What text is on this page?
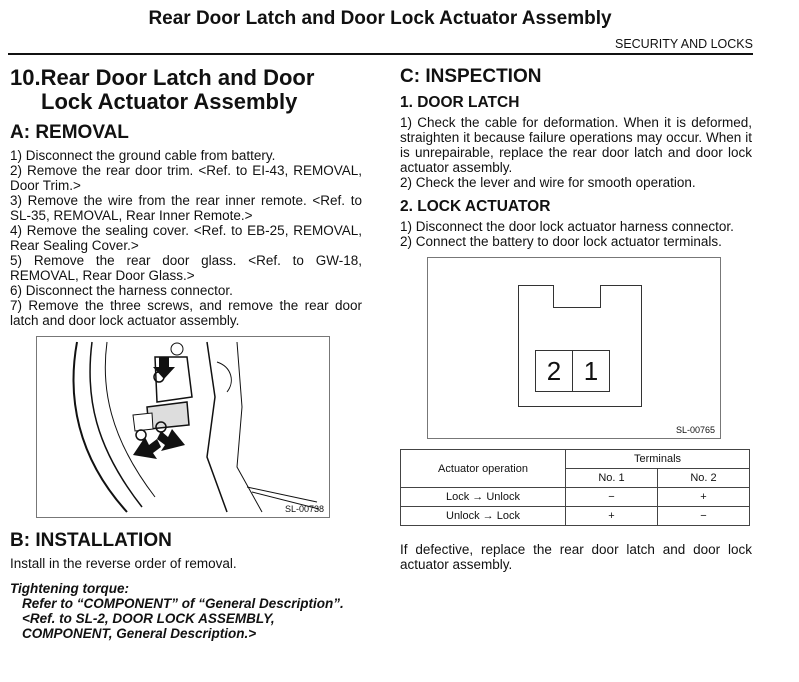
Rear Door Latch and Door Lock Actuator Assembly
SECURITY AND LOCKS
10.Rear Door Latch and Door
Lock Actuator Assembly
A: REMOVAL

1) Disconnect the ground cable from battery.

2) Remove the rear door trim. <Ref. to EI-43, REMOVAL, Door Trim.>

3) Remove the wire from the rear inner remote. <Ref. to SL-35, REMOVAL, Rear Inner Remote.>

4) Remove the sealing cover. <Ref. to EB-25, REMOVAL, Rear Sealing Cover.>

5) Remove the rear door glass. <Ref. to GW-18, REMOVAL, Rear Door Glass.>

6) Disconnect the harness connector.

7) Remove the three screws, and remove the rear door latch and door lock actuator assembly.

SL-00738
B: INSTALLATION

Install in the reverse order of removal.

Tightening torque:
Refer to “COMPONENT” of “General Description”. <Ref. to SL-2, DOOR LOCK ASSEMBLY, COMPONENT, General Description.>
C: INSPECTION
1. DOOR LATCH

1) Check the cable for deformation. When it is deformed, straighten it because failure operations may occur. When it is unrepairable, replace the rear door latch and door lock actuator assembly.

2) Check the lever and wire for smooth operation.

2. LOCK ACTUATOR

1) Disconnect the door lock actuator harness connector.

2) Connect the battery to door lock actuator terminals.

2 1
SL-00765
Actuator operation	Terminals	
	No. 1	No. 2
Lock → Unlock	−	+
Unlock → Lock	+	−

If defective, replace the rear door latch and door lock actuator assembly.
